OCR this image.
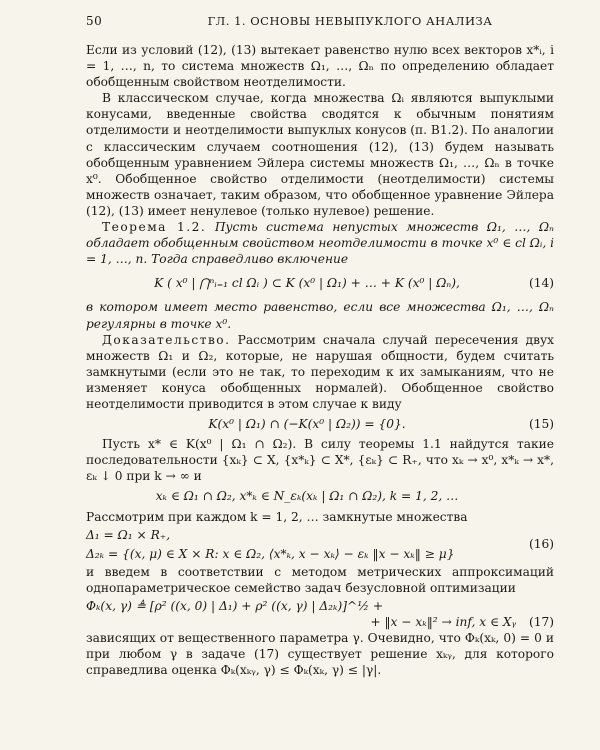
50	ГЛ. 1. ОСНОВЫ НЕВЫПУКЛОГО АНАЛИЗА

Если из условий (12), (13) вытекает равенство нулю всех векторов x*ᵢ, i = 1, …, n, то система множеств Ω₁, …, Ωₙ по определению обладает обобщенным свойством неотделимости.

В классическом случае, когда множества Ωᵢ являются выпуклыми конусами, введенные свойства сводятся к обычным понятиям отделимости и неотделимости выпуклых конусов (п. В1.2). По аналогии с классическим случаем соотношения (12), (13) будем называть обобщенным уравнением Эйлера системы множеств Ω₁, …, Ωₙ в точке x⁰. Обобщенное свойство отделимости (неотделимости) системы множеств означает, таким образом, что обобщенное уравнение Эйлера (12), (13) имеет ненулевое (только нулевое) решение.

Теорема 1.2. Пусть система непустых множеств Ω₁, …, Ωₙ обладает обобщенным свойством неотделимости в точке x⁰ ∈ cl Ωᵢ, i = 1, …, n. Тогда справедливо включение

K ( x⁰ | ⋂ⁿᵢ₌₁ cl Ωᵢ ) ⊂ K (x⁰ | Ω₁) + … + K (x⁰ | Ωₙ),	(14)

в котором имеет место равенство, если все множества Ω₁, …, Ωₙ регулярны в точке x⁰.

Доказательство. Рассмотрим сначала случай пересечения двух множеств Ω₁ и Ω₂, которые, не нарушая общности, будем считать замкнутыми (если это не так, то переходим к их замыканиям, что не изменяет конуса обобщенных нормалей). Обобщенное свойство неотделимости приводится в этом случае к виду

K(x⁰ | Ω₁) ∩ (−K(x⁰ | Ω₂)) = {0}.	(15)

Пусть x* ∈ K(x⁰ | Ω₁ ∩ Ω₂). В силу теоремы 1.1 найдутся такие последовательности {xₖ} ⊂ X, {x*ₖ} ⊂ X*, {εₖ} ⊂ R₊, что xₖ → x⁰, x*ₖ → x*, εₖ ↓ 0 при k → ∞ и

xₖ ∈ Ω₁ ∩ Ω₂, x*ₖ ∈ N_εₖ(xₖ | Ω₁ ∩ Ω₂), k = 1, 2, …

Рассмотрим при каждом k = 1, 2, … замкнутые множества

Δ₁ = Ω₁ × R₊,
Δ₂ₖ = {(x, μ) ∈ X × R: x ∈ Ω₂, ⟨x*ₖ, x − xₖ⟩ − εₖ ‖x − xₖ‖ ≥ μ}
(16)

и введем в соответствии с методом метрических аппроксимаций однопараметрическое семейство задач безусловной оптимизации

Φₖ(x, γ) ≜ [ρ² ((x, 0) | Δ₁) + ρ² ((x, γ) | Δ₂ₖ)]^½ +
+ ‖x − xₖ‖² → inf, x ∈ Xᵧ (17)

зависящих от вещественного параметра γ. Очевидно, что Φₖ(xₖ, 0) = 0 и при любом γ в задаче (17) существует решение xₖᵧ, для которого справедлива оценка Φₖ(xₖᵧ, γ) ≤ Φₖ(xₖ, γ) ≤ |γ|.
